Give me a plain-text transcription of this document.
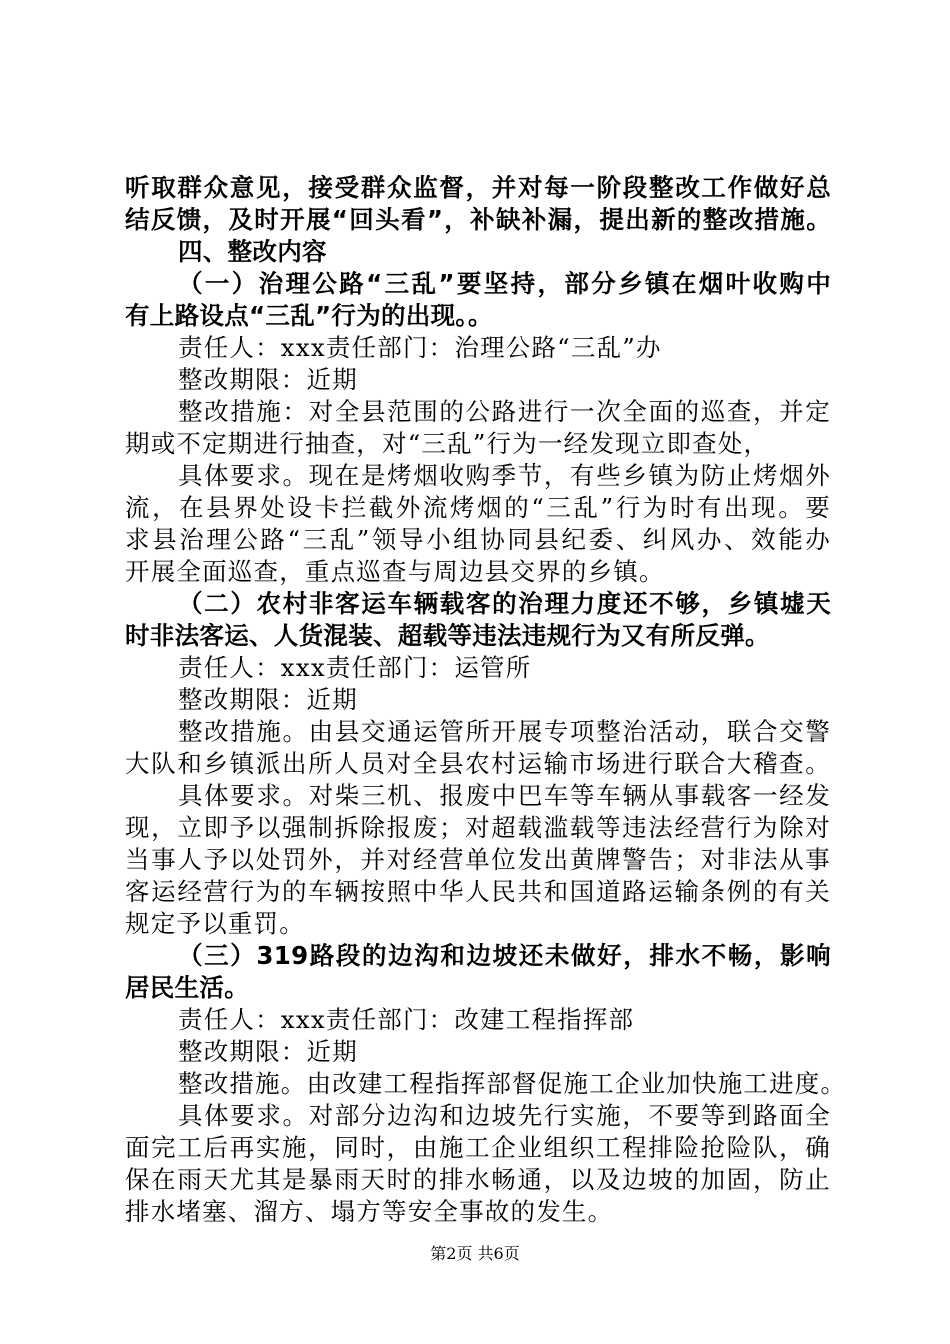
听取群众意见，接受群众监督，并对每一阶段整改工作做好总
结反馈，及时开展“回头看”，补缺补漏，提出新的整改措施。
四、整改内容
（一）治理公路“三乱”要坚持，部分乡镇在烟叶收购中
有上路设点“三乱”行为的出现。。
责任人：xxx责任部门：治理公路“三乱”办
整改期限：近期
整改措施：对全县范围的公路进行一次全面的巡查，并定
期或不定期进行抽查，对“三乱”行为一经发现立即查处，
具体要求。现在是烤烟收购季节，有些乡镇为防止烤烟外
流，在县界处设卡拦截外流烤烟的“三乱”行为时有出现。要
求县治理公路“三乱”领导小组协同县纪委、纠风办、效能办
开展全面巡查，重点巡查与周边县交界的乡镇。
（二）农村非客运车辆载客的治理力度还不够，乡镇墟天
时非法客运、人货混装、超载等违法违规行为又有所反弹。
责任人：xxx责任部门：运管所
整改期限：近期
整改措施。由县交通运管所开展专项整治活动，联合交警
大队和乡镇派出所人员对全县农村运输市场进行联合大稽查。
具体要求。对柴三机、报废中巴车等车辆从事载客一经发
现，立即予以强制拆除报废；对超载滥载等违法经营行为除对
当事人予以处罚外，并对经营单位发出黄牌警告；对非法从事
客运经营行为的车辆按照中华人民共和国道路运输条例的有关
规定予以重罚。
（三）319路段的边沟和边坡还未做好，排水不畅，影响
居民生活。
责任人：xxx责任部门：改建工程指挥部
整改期限：近期
整改措施。由改建工程指挥部督促施工企业加快施工进度。
具体要求。对部分边沟和边坡先行实施，不要等到路面全
面完工后再实施，同时，由施工企业组织工程排险抢险队，确
保在雨天尤其是暴雨天时的排水畅通，以及边坡的加固，防止
排水堵塞、溜方、塌方等安全事故的发生。
第2页 共6页
